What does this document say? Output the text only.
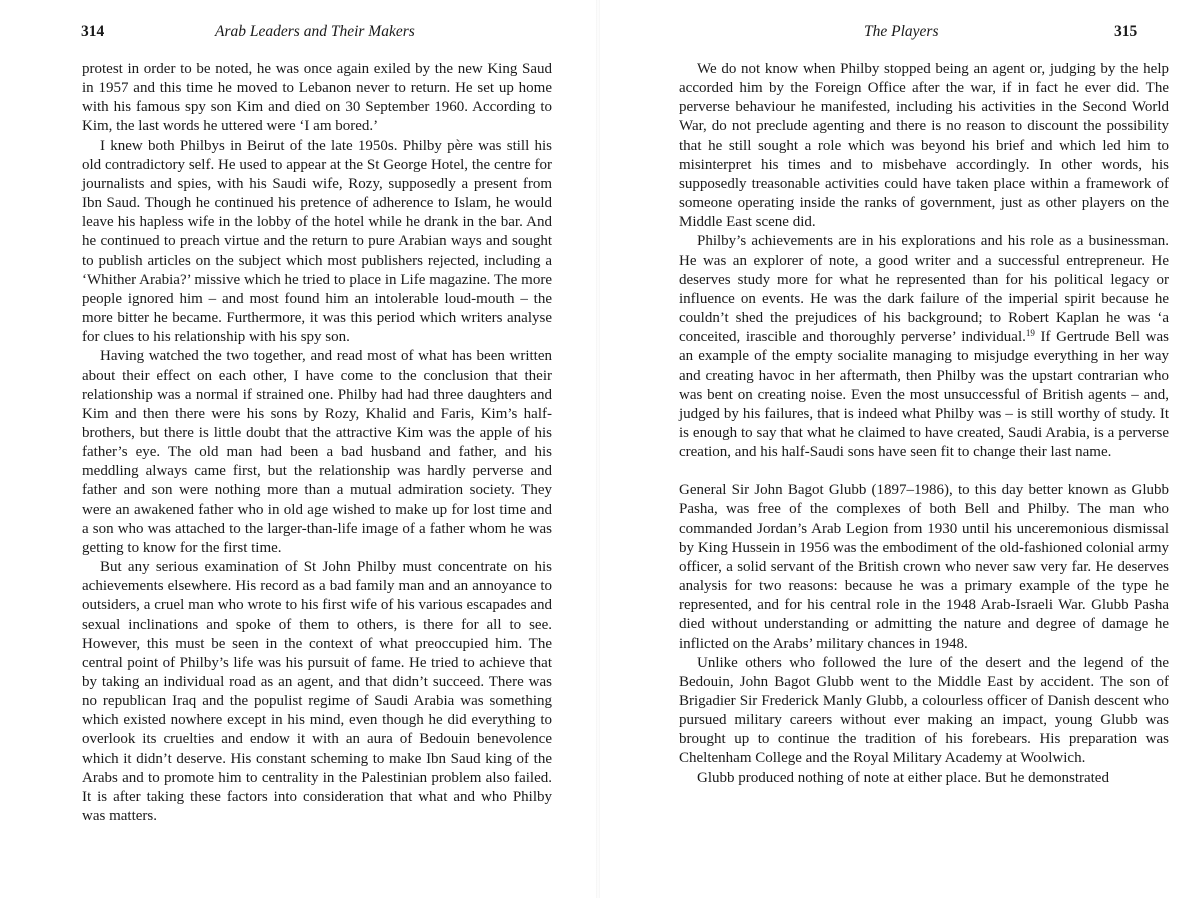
314	Arab Leaders and Their Makers

protest in order to be noted, he was once again exiled by the new King Saud in 1957 and this time he moved to Lebanon never to return. He set up home with his famous spy son Kim and died on 30 September 1960. According to Kim, the last words he uttered were ‘I am bored.’

I knew both Philbys in Beirut of the late 1950s. Philby père was still his old contradictory self. He used to appear at the St George Hotel, the centre for journalists and spies, with his Saudi wife, Rozy, supposedly a present from Ibn Saud. Though he continued his pretence of adherence to Islam, he would leave his hapless wife in the lobby of the hotel while he drank in the bar. And he continued to preach virtue and the return to pure Arabian ways and sought to publish articles on the subject which most publishers rejected, including a ‘Whither Arabia?’ missive which he tried to place in Life magazine. The more people ignored him – and most found him an intolerable loud-mouth – the more bitter he became. Furthermore, it was this period which writers analyse for clues to his relationship with his spy son.

Having watched the two together, and read most of what has been written about their effect on each other, I have come to the conclusion that their relationship was a normal if strained one. Philby had had three daughters and Kim and then there were his sons by Rozy, Khalid and Faris, Kim’s half-brothers, but there is little doubt that the attractive Kim was the apple of his father’s eye. The old man had been a bad husband and father, and his meddling always came first, but the relationship was hardly perverse and father and son were nothing more than a mutual admiration society. They were an awakened father who in old age wished to make up for lost time and a son who was attached to the larger-than-life image of a father whom he was getting to know for the first time.

But any serious examination of St John Philby must concentrate on his achievements elsewhere. His record as a bad family man and an annoyance to outsiders, a cruel man who wrote to his first wife of his various escapades and sexual inclinations and spoke of them to others, is there for all to see. However, this must be seen in the context of what preoccupied him. The central point of Philby’s life was his pursuit of fame. He tried to achieve that by taking an individual road as an agent, and that didn’t succeed. There was no republican Iraq and the populist regime of Saudi Arabia was something which existed nowhere except in his mind, even though he did everything to overlook its cruelties and endow it with an aura of Bedouin benevolence which it didn’t deserve. His constant scheming to make Ibn Saud king of the Arabs and to promote him to centrality in the Palestinian problem also failed. It is after taking these factors into consideration that what and who Philby was matters.

The Players	315

We do not know when Philby stopped being an agent or, judging by the help accorded him by the Foreign Office after the war, if in fact he ever did. The perverse behaviour he manifested, including his activities in the Second World War, do not preclude agenting and there is no reason to discount the possibility that he still sought a role which was beyond his brief and which led him to misinterpret his times and to misbehave accordingly. In other words, his supposedly treasonable activities could have taken place within a framework of someone operating inside the ranks of government, just as other players on the Middle East scene did.

Philby’s achievements are in his explorations and his role as a businessman. He was an explorer of note, a good writer and a successful entrepreneur. He deserves study more for what he represented than for his political legacy or influence on events. He was the dark failure of the imperial spirit because he couldn’t shed the prejudices of his background; to Robert Kaplan he was ‘a conceited, irascible and thoroughly perverse’ individual.$^{19}$ If Gertrude Bell was an example of the empty socialite managing to misjudge everything in her way and creating havoc in her aftermath, then Philby was the upstart contrarian who was bent on creating noise. Even the most unsuccessful of British agents – and, judged by his failures, that is indeed what Philby was – is still worthy of study. It is enough to say that what he claimed to have created, Saudi Arabia, is a perverse creation, and his half-Saudi sons have seen fit to change their last name.

General Sir John Bagot Glubb (1897–1986), to this day better known as Glubb Pasha, was free of the complexes of both Bell and Philby. The man who commanded Jordan’s Arab Legion from 1930 until his unceremonious dismissal by King Hussein in 1956 was the embodiment of the old-fashioned colonial army officer, a solid servant of the British crown who never saw very far. He deserves analysis for two reasons: because he was a primary example of the type he represented, and for his central role in the 1948 Arab-Israeli War. Glubb Pasha died without understanding or admitting the nature and degree of damage he inflicted on the Arabs’ military chances in 1948.

Unlike others who followed the lure of the desert and the legend of the Bedouin, John Bagot Glubb went to the Middle East by accident. The son of Brigadier Sir Frederick Manly Glubb, a colourless officer of Danish descent who pursued military careers without ever making an impact, young Glubb was brought up to continue the tradition of his forebears. His preparation was Cheltenham College and the Royal Military Academy at Woolwich.

Glubb produced nothing of note at either place. But he demonstrated
